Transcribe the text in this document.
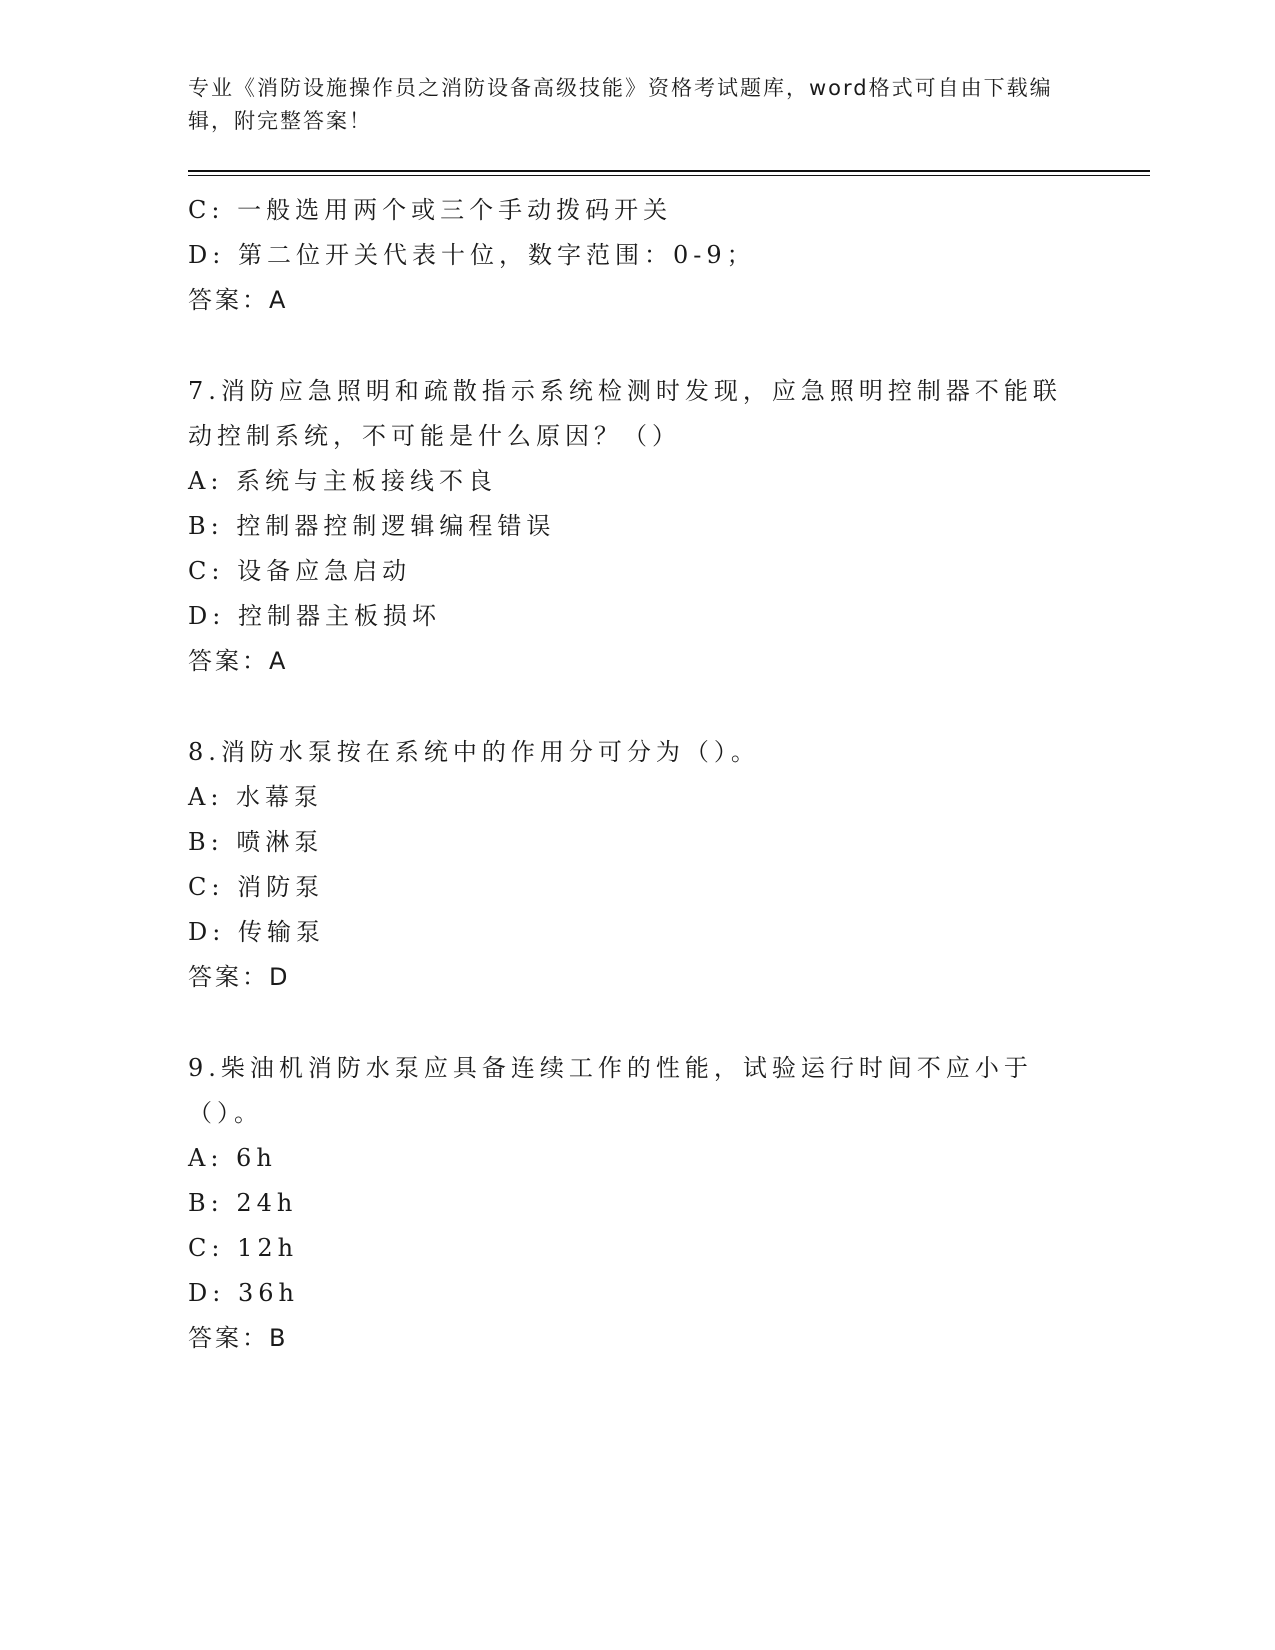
专业《消防设施操作员之消防设备高级技能》资格考试题库，word格式可自由下载编辑，附完整答案！

C: 一般选用两个或三个手动拨码开关

D: 第二位开关代表十位，数字范围：0-9；

答案：A

7.消防应急照明和疏散指示系统检测时发现，应急照明控制器不能联动控制系统，不可能是什么原因？（）

A: 系统与主板接线不良

B: 控制器控制逻辑编程错误

C: 设备应急启动

D: 控制器主板损坏

答案：A

8.消防水泵按在系统中的作用分可分为（）。

A: 水幕泵

B: 喷淋泵

C: 消防泵

D: 传输泵

答案：D

9.柴油机消防水泵应具备连续工作的性能，试验运行时间不应小于（）。

A: 6h

B: 24h

C: 12h

D: 36h

答案：B
